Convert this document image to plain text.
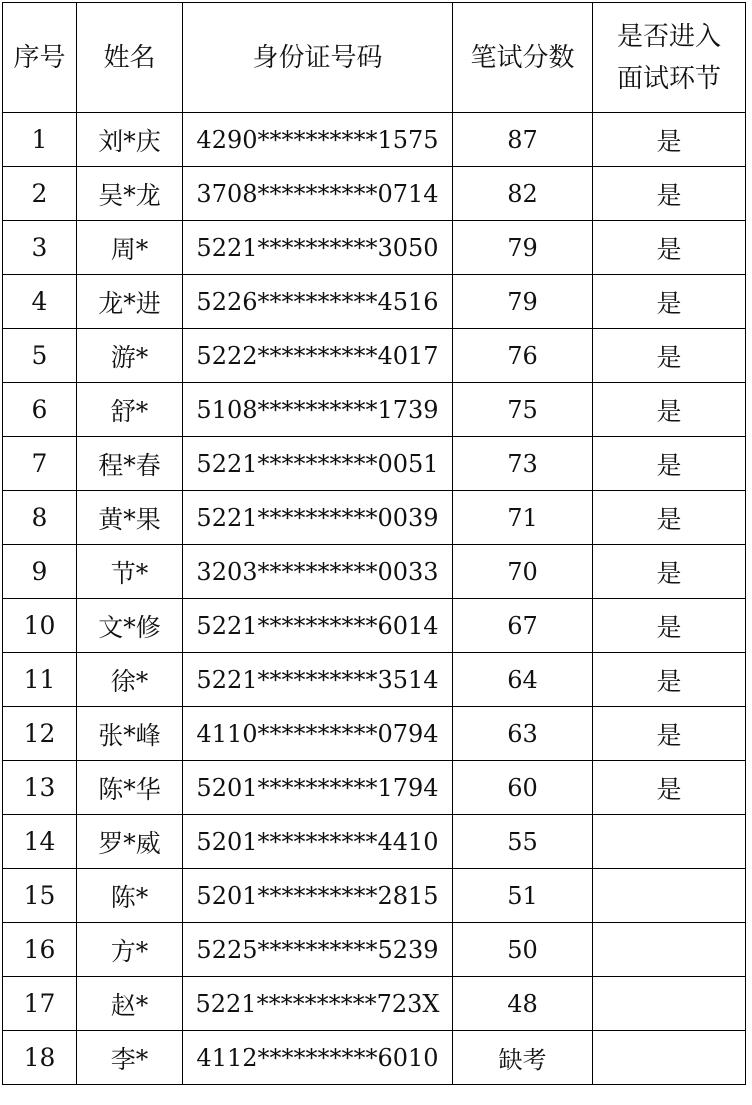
序号	姓名	身份证号码	笔试分数	是否进入
面试环节

1	刘*庆	4290**********1575	87	是
2	吴*龙	3708**********0714	82	是
3	周*	5221**********3050	79	是
4	龙*进	5226**********4516	79	是
5	游*	5222**********4017	76	是
6	舒*	5108**********1739	75	是
7	程*春	5221**********0051	73	是
8	黄*果	5221**********0039	71	是
9	节*	3203**********0033	70	是
10	文*修	5221**********6014	67	是
11	徐*	5221**********3514	64	是
12	张*峰	4110**********0794	63	是
13	陈*华	5201**********1794	60	是
14	罗*威	5201**********4410	55	
15	陈*	5201**********2815	51	
16	方*	5225**********5239	50	
17	赵*	5221**********723X	48	
18	李*	4112**********6010	缺考	
